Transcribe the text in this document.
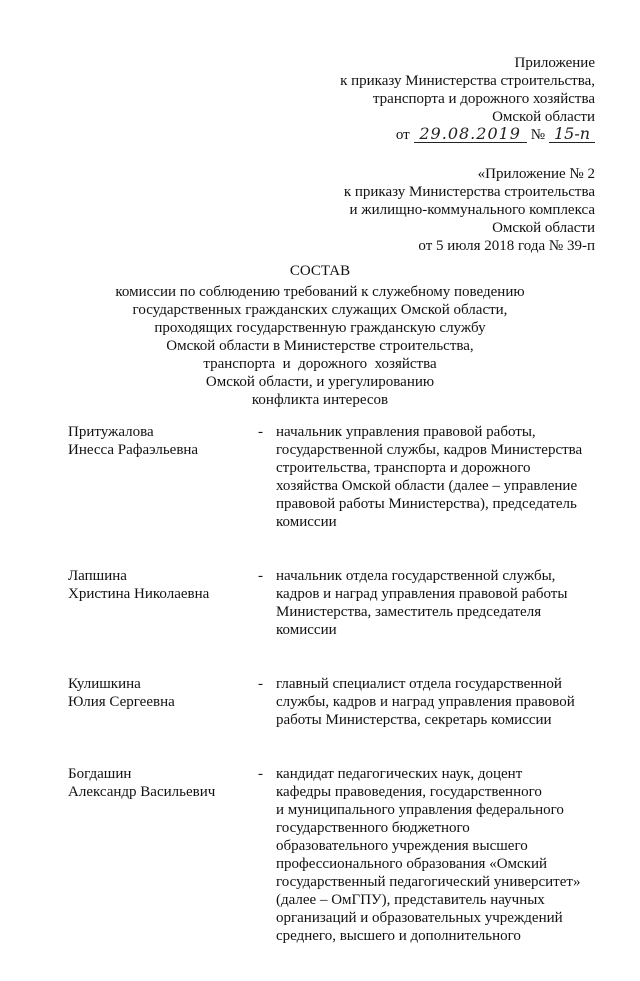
Приложение
к приказу Министерства строительства,
транспорта и дорожного хозяйства
Омской области
от 29.08.2019 № 15-п
«Приложение № 2
к приказу Министерства строительства
и жилищно-коммунального комплекса
Омской области
от 5 июля 2018 года № 39-п
СОСТАВ
комиссии по соблюдению требований к служебному поведению
государственных гражданских служащих Омской области,
проходящих государственную гражданскую службу
Омской области в Министерстве строительства,
транспорта  и  дорожного  хозяйства
Омской области, и урегулированию
конфликта интересов
Притужалова
Инесса Рафаэльевна
- начальник управления правовой работы,
государственной службы, кадров Министерства
строительства, транспорта и дорожного
хозяйства Омской области (далее – управление
правовой работы Министерства), председатель
комиссии
Лапшина
Христина Николаевна
- начальник отдела государственной службы,
кадров и наград управления правовой работы
Министерства, заместитель председателя
комиссии
Кулишкина
Юлия Сергеевна
- главный специалист отдела государственной
службы, кадров и наград управления правовой
работы Министерства, секретарь комиссии
Богдашин
Александр Васильевич
- кандидат педагогических наук, доцент
кафедры правоведения, государственного
и муниципального управления федерального
государственного бюджетного
образовательного учреждения высшего
профессионального образования «Омский
государственный педагогический университет»
(далее – ОмГПУ), представитель научных
организаций и образовательных учреждений
среднего, высшего и дополнительного
